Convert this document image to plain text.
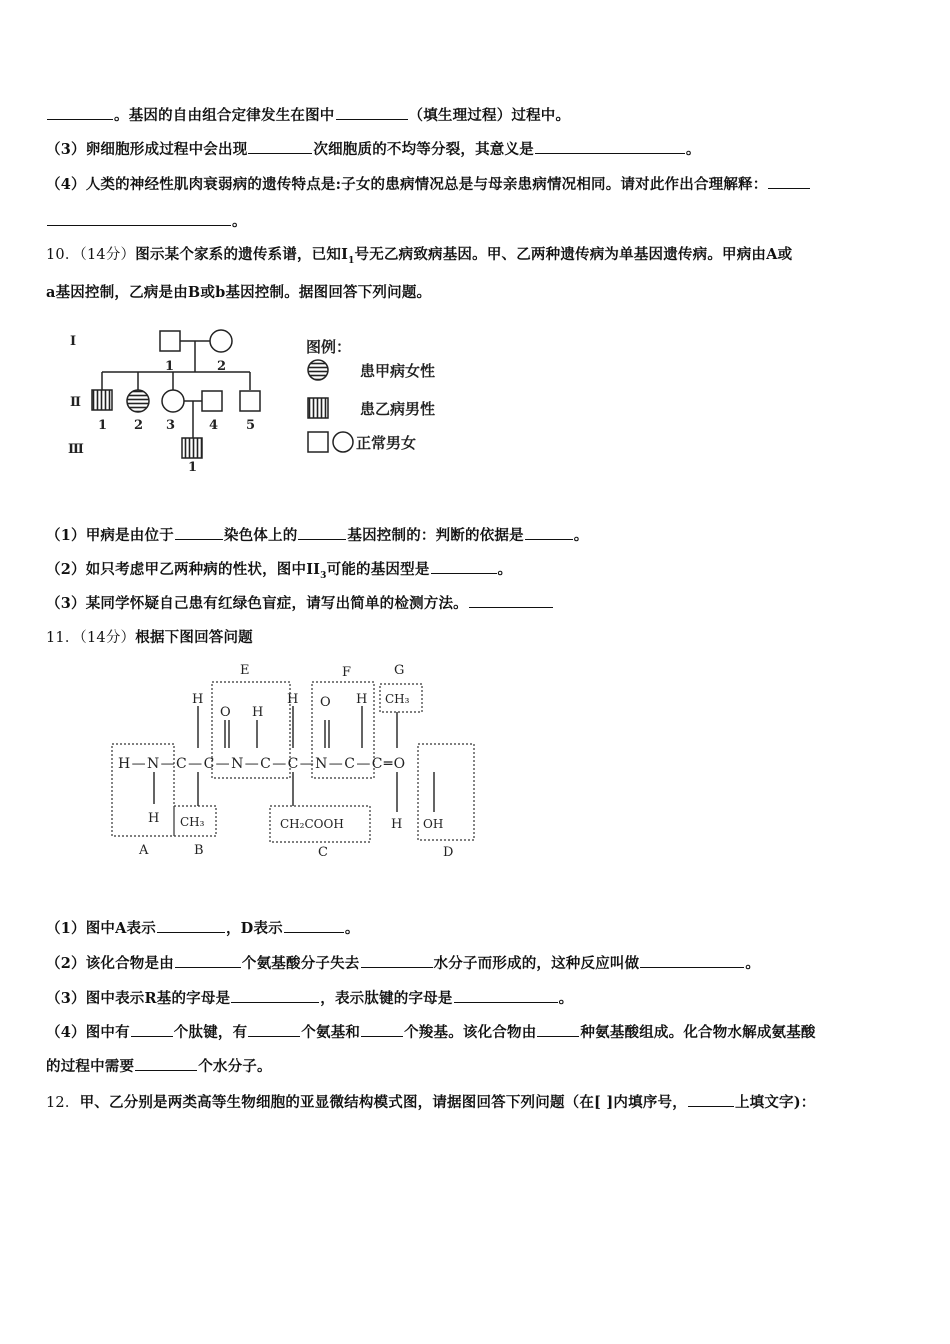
。基因的自由组合定律发生在图中	（填生理过程）过程中。
（3）卵细胞形成过程中会出现	次细胞质的不均等分裂，其意义是	。
（4）人类的神经性肌肉衰弱病的遗传特点是:子女的患病情况总是与母亲患病情况相同。请对此作出合理解释：
。
10．（14分）图示某个家系的遗传系谱，已知$Ⅰ_1$号无乙病致病基因。甲、乙两种遗传病为单基因遗传病。甲病由A或
a基因控制，乙病是由B或b基因控制。据图回答下列问题。
Ⅰ
Ⅱ
Ⅲ
1	2
1 2 3	4 5
1
图例：
患甲病女性
患乙病男性
正常男女
（1）甲病是由位于	染色体上的	基因控制的：判断的依据是	。
（2）如只考虑甲乙两种病的性状，图中$II_3$可能的基因型是	。
（3）某同学怀疑自己患有红绿色盲症，请写出简单的检测方法。
11．（14分）根据下图回答问题
E	F	G
H
H
H	H
O
O	CH₃
H—N—C—C—N—C—C—N—C—C═O
H	H
CH₃	CH₂COOH	OH
A	B	C	D
（1）图中A表示	，D表示	。
（2）该化合物是由	个氨基酸分子失去	水分子而形成的，这种反应叫做	。
（3）图中表示R基的字母是	，表示肽键的字母是	。
（4）图中有	个肽键，有	个氨基和	个羧基。该化合物由	种氨基酸组成。化合物水解成氨基酸
的过程中需要	个水分子。
12．甲、乙分别是两类高等生物细胞的亚显微结构模式图，请据图回答下列问题（在[ ]内填序号，	上填文字)：
